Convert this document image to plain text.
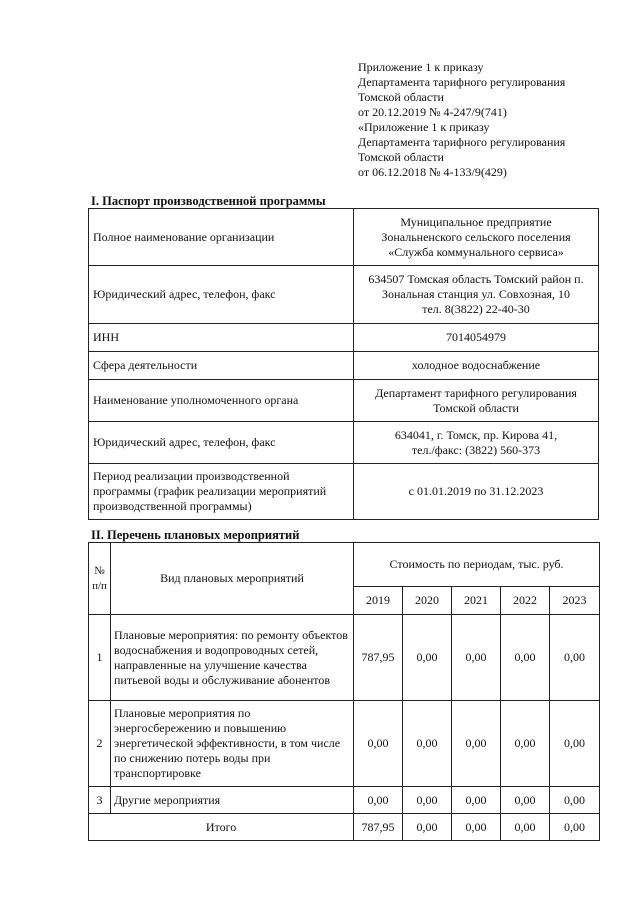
Приложение 1 к приказу
Департамента тарифного регулирования
Томской области
от 20.12.2019 № 4-247/9(741)
«Приложение 1 к приказу
Департамента тарифного регулирования
Томской области
от 06.12.2018 № 4-133/9(429)
I. Паспорт производственной программы
Полное наименование организации	Муниципальное предприятие
Зональненского сельского поселения
«Служба коммунального сервиса»

Юридический адрес, телефон, факс	634507 Томская область Томский район п.
Зональная станция ул. Совхозная, 10
тел. 8(3822) 22-40-30

ИНН	7014054979

Сфера деятельности	холодное водоснабжение

Наименование уполномоченного органа	Департамент тарифного регулирования
Томской области

Юридический адрес, телефон, факс	634041, г. Томск, пр. Кирова 41,
тел./факс: (3822) 560-373

Период реализации производственной программы (график реализации мероприятий производственной программы)	с 01.01.2019 по 31.12.2023
II. Перечень плановых мероприятий
№ п/п	Вид плановых мероприятий	Стоимость по периодам, тыс. руб.				
		2019	2020	2021	2022	2023
1	Плановые мероприятия: по ремонту объектов водоснабжения и водопроводных сетей, направленные на улучшение качества питьевой воды и обслуживание абонентов	787,95	0,00	0,00	0,00	0,00
2	Плановые мероприятия по энергосбережению и повышению энергетической эффективности, в том числе по снижению потерь воды при транспортировке	0,00	0,00	0,00	0,00	0,00
3	Другие мероприятия	0,00	0,00	0,00	0,00	0,00
Итого		787,95	0,00	0,00	0,00	0,00
